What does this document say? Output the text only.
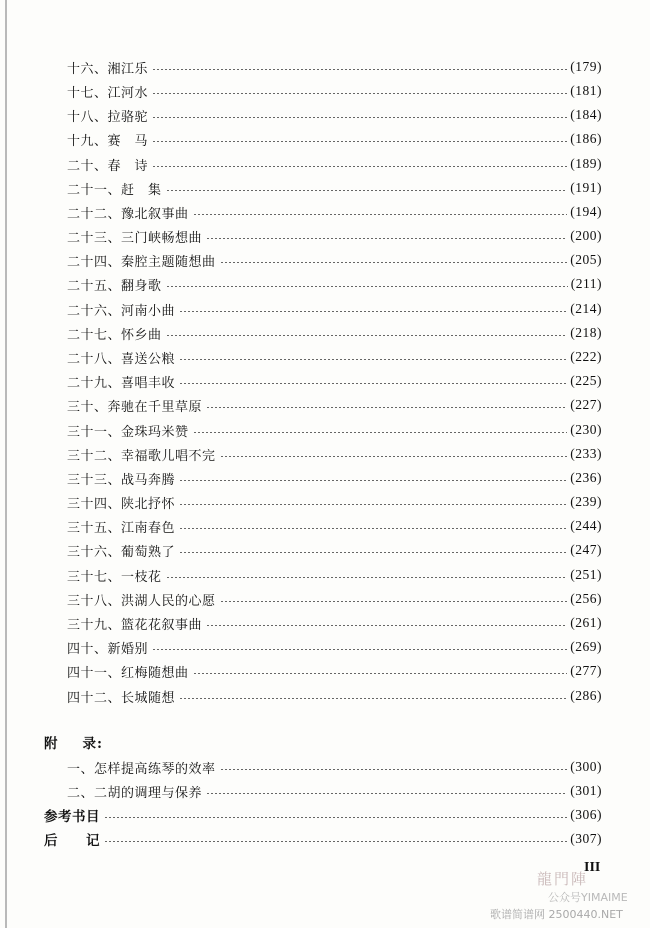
十六、湘江乐	(179)
十七、江河水	(181)
十八、拉骆驼	(184)
十九、赛　马	(186)
二十、春　诗	(189)
二十一、赶　集	(191)
二十二、豫北叙事曲	(194)
二十三、三门峡畅想曲	(200)
二十四、秦腔主题随想曲	(205)
二十五、翻身歌	(211)
二十六、河南小曲	(214)
二十七、怀乡曲	(218)
二十八、喜送公粮	(222)
二十九、喜唱丰收	(225)
三十、奔驰在千里草原	(227)
三十一、金珠玛米赞	(230)
三十二、幸福歌儿唱不完	(233)
三十三、战马奔腾	(236)
三十四、陕北抒怀	(239)
三十五、江南春色	(244)
三十六、葡萄熟了	(247)
三十七、一枝花	(251)
三十八、洪湖人民的心愿	(256)
三十九、篮花花叙事曲	(261)
四十、新婚别	(269)
四十一、红梅随想曲	(277)
四十二、长城随想	(286)
附 录:
一、怎样提高练琴的效率	(300)
二、二胡的调理与保养	(301)
参考书目	(306)
后　　记	(307)
III
龍門陣
公众号YIMAIME
歌谱简谱网 2500440.NET
